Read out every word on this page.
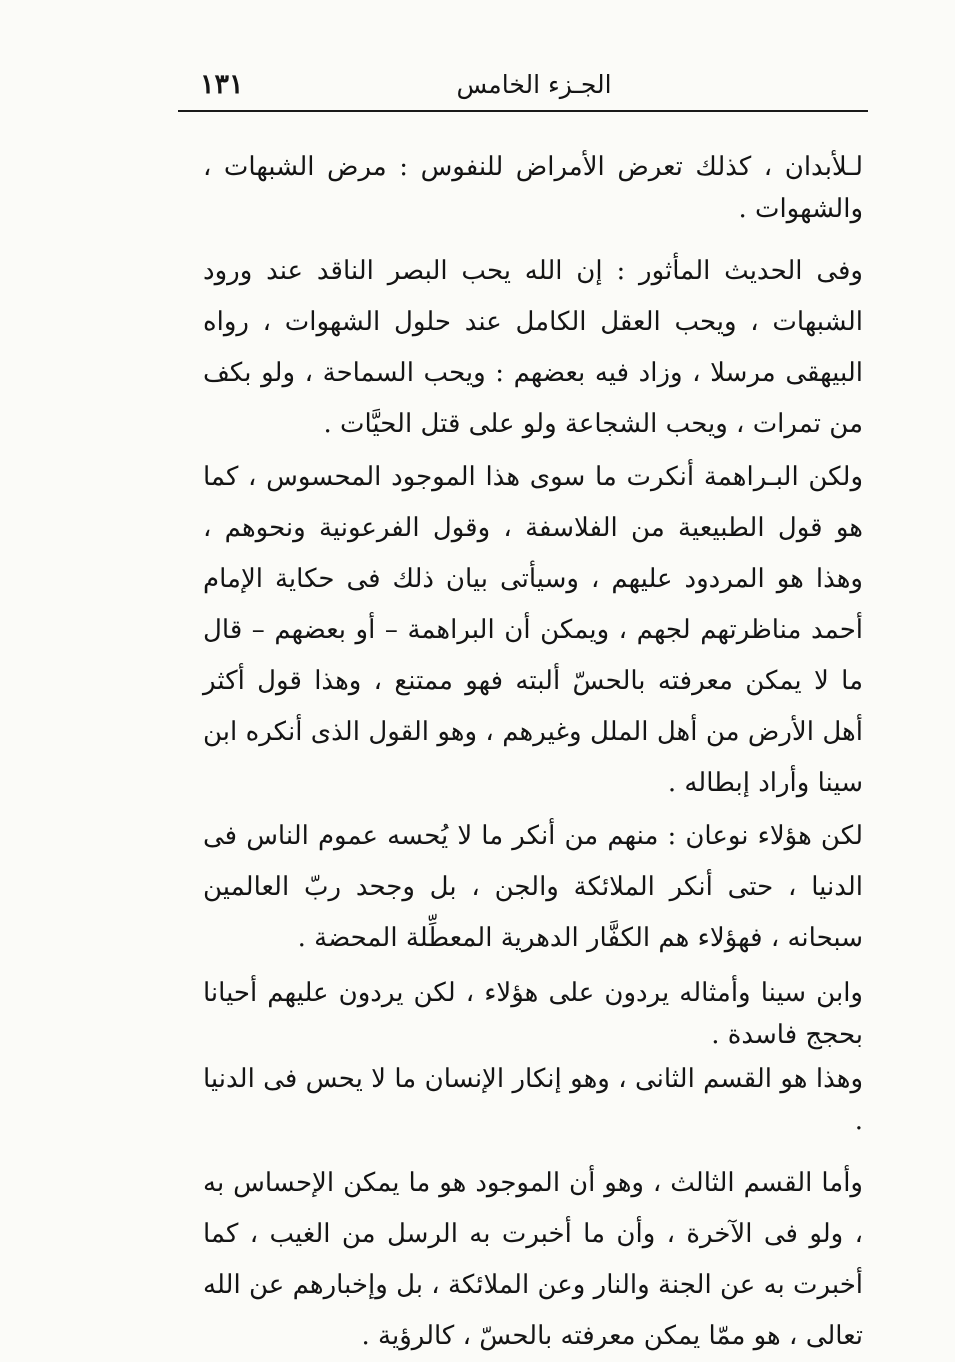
الجـزء الخامس
١٣١

لـلأبدان ، كذلك تعرض الأمراض للنفوس : مرض الشبهات ، والشهوات .

وفى الحديث المأثور : إن الله يحب البصر الناقد عند ورود الشبهات ، ويحب العقل الكامل عند حلول الشهوات ، رواه البيهقى مرسلا ، وزاد فيه بعضهم : ويحب السماحة ، ولو بكف من تمرات ، ويحب الشجاعة ولو على قتل الحيَّات .

ولكن البـراهمة أنكرت ما سوى هذا الموجود المحسوس ، كما هو قول الطبيعية من الفلاسفة ، وقول الفرعونية ونحوهم ، وهذا هو المردود عليهم ، وسيأتى بيان ذلك فى حكاية الإمام أحمد مناظرتهم لجهم ، ويمكن أن البراهمة – أو بعضهم – قال ما لا يمكن معرفته بالحسّ ألبته فهو ممتنع ، وهذا قول أكثر أهل الأرض من أهل الملل وغيرهم ، وهو القول الذى أنكره ابن سينا وأراد إبطاله .

لكن هؤلاء نوعان : منهم من أنكر ما لا يُحسه عموم الناس فى الدنيا ، حتى أنكر الملائكة والجن ، بل وجحد ربّ العالمين سبحانه ، فهؤلاء هم الكفَّار الدهرية المعطِّلة المحضة .

وابن سينا وأمثاله يردون على هؤلاء ، لكن يردون عليهم أحيانا بحجج فاسدة .

وهذا هو القسم الثانى ، وهو إنكار الإنسان ما لا يحس فى الدنيا .

وأما القسم الثالث ، وهو أن الموجود هو ما يمكن الإحساس به ، ولو فى الآخرة ، وأن ما أخبرت به الرسل من الغيب ، كما أخبرت به عن الجنة والنار وعن الملائكة ، بل وإخبارهم عن الله تعالى ، هو ممّا يمكن معرفته بالحسّ ، كالرؤية .
